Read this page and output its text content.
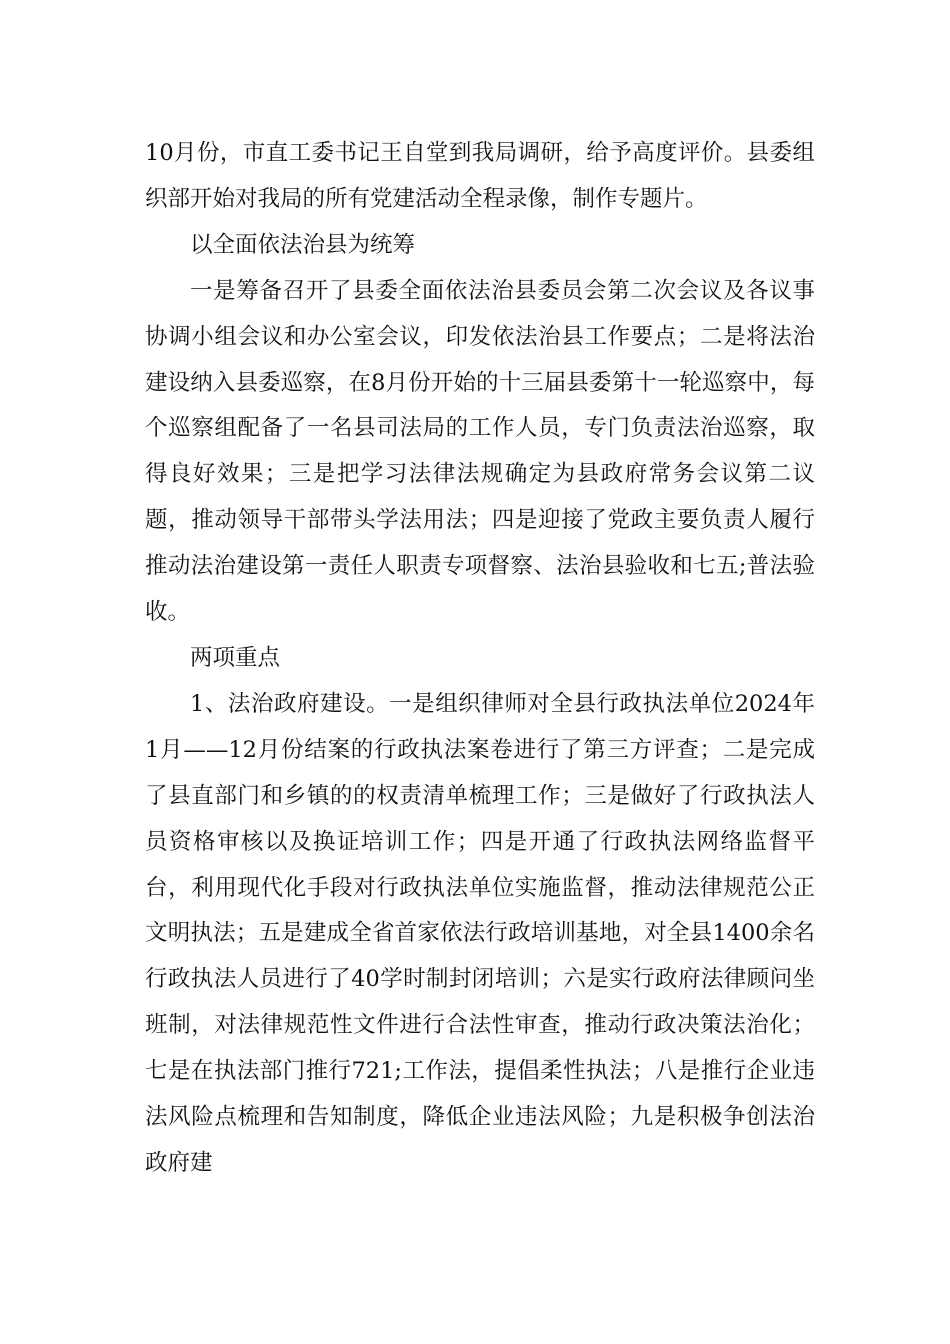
10月份，市直工委书记王自堂到我局调研，给予高度评价。县委组织部开始对我局的所有党建活动全程录像，制作专题片。

以全面依法治县为统筹

一是筹备召开了县委全面依法治县委员会第二次会议及各议事协调小组会议和办公室会议，印发依法治县工作要点；二是将法治建设纳入县委巡察，在8月份开始的十三届县委第十一轮巡察中，每个巡察组配备了一名县司法局的工作人员，专门负责法治巡察，取得良好效果；三是把学习法律法规确定为县政府常务会议第二议题，推动领导干部带头学法用法；四是迎接了党政主要负责人履行推动法治建设第一责任人职责专项督察、法治县验收和七五;普法验收。

两项重点

1、法治政府建设。一是组织律师对全县行政执法单位2024年1月——12月份结案的行政执法案卷进行了第三方评查；二是完成了县直部门和乡镇的的权责清单梳理工作；三是做好了行政执法人员资格审核以及换证培训工作；四是开通了行政执法网络监督平台，利用现代化手段对行政执法单位实施监督，推动法律规范公正文明执法；五是建成全省首家依法行政培训基地，对全县1400余名行政执法人员进行了40学时制封闭培训；六是实行政府法律顾问坐班制，对法律规范性文件进行合法性审查，推动行政决策法治化；七是在执法部门推行721;工作法，提倡柔性执法；八是推行企业违法风险点梳理和告知制度，降低企业违法风险；九是积极争创法治政府建
